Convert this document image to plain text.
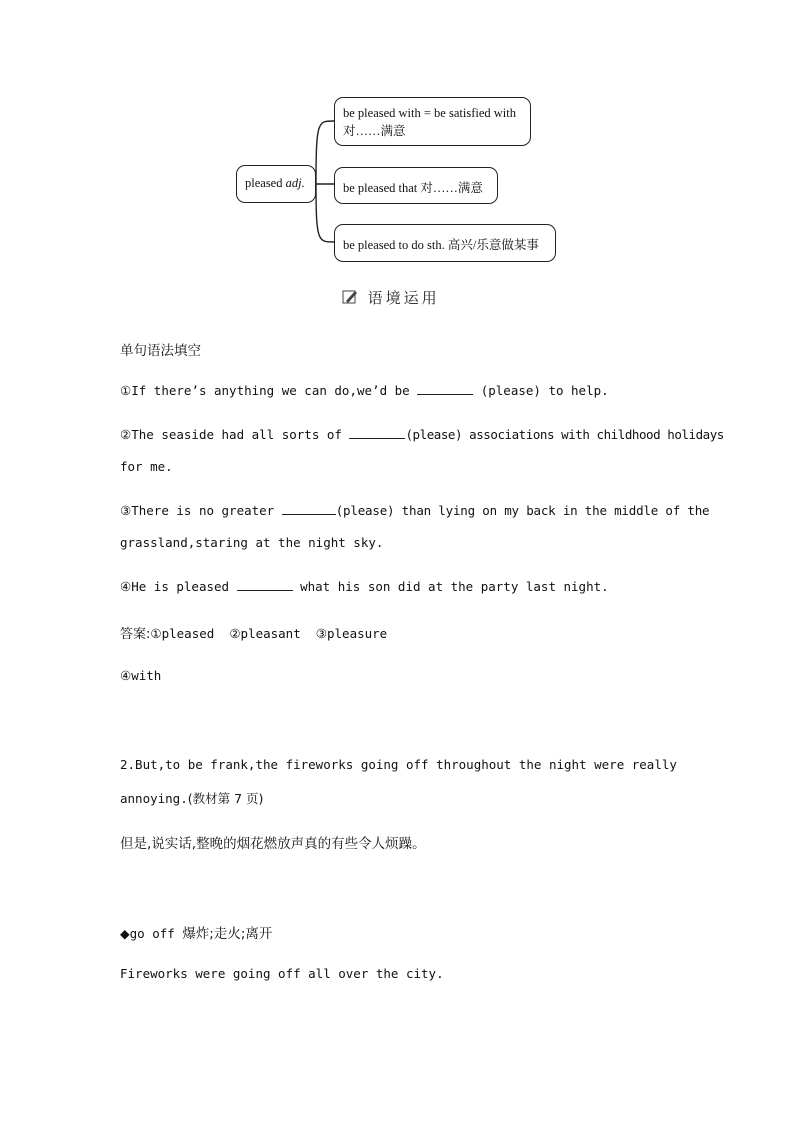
pleased adj.
be pleased with = be satisfied with
对……满意
be pleased that 对……满意
be pleased to do sth. 高兴/乐意做某事
语境运用
单句语法填空
①If there’s anything we can do,we’d be	(please) to help.
②The seaside had all sorts of	(please) associations with childhood holidays
for me.
③There is no greater	(please) than lying on my back in the middle of the
grassland,staring at the night sky.
④He is pleased	what his son did at the party last night.
答案:①pleased  ②pleasant  ③pleasure
④with
2.But,to be frank,the fireworks going off throughout the night were really
annoying.(教材第 7 页)
但是,说实话,整晚的烟花燃放声真的有些令人烦躁。
◆go off 爆炸;走火;离开
Fireworks were going off all over the city.
